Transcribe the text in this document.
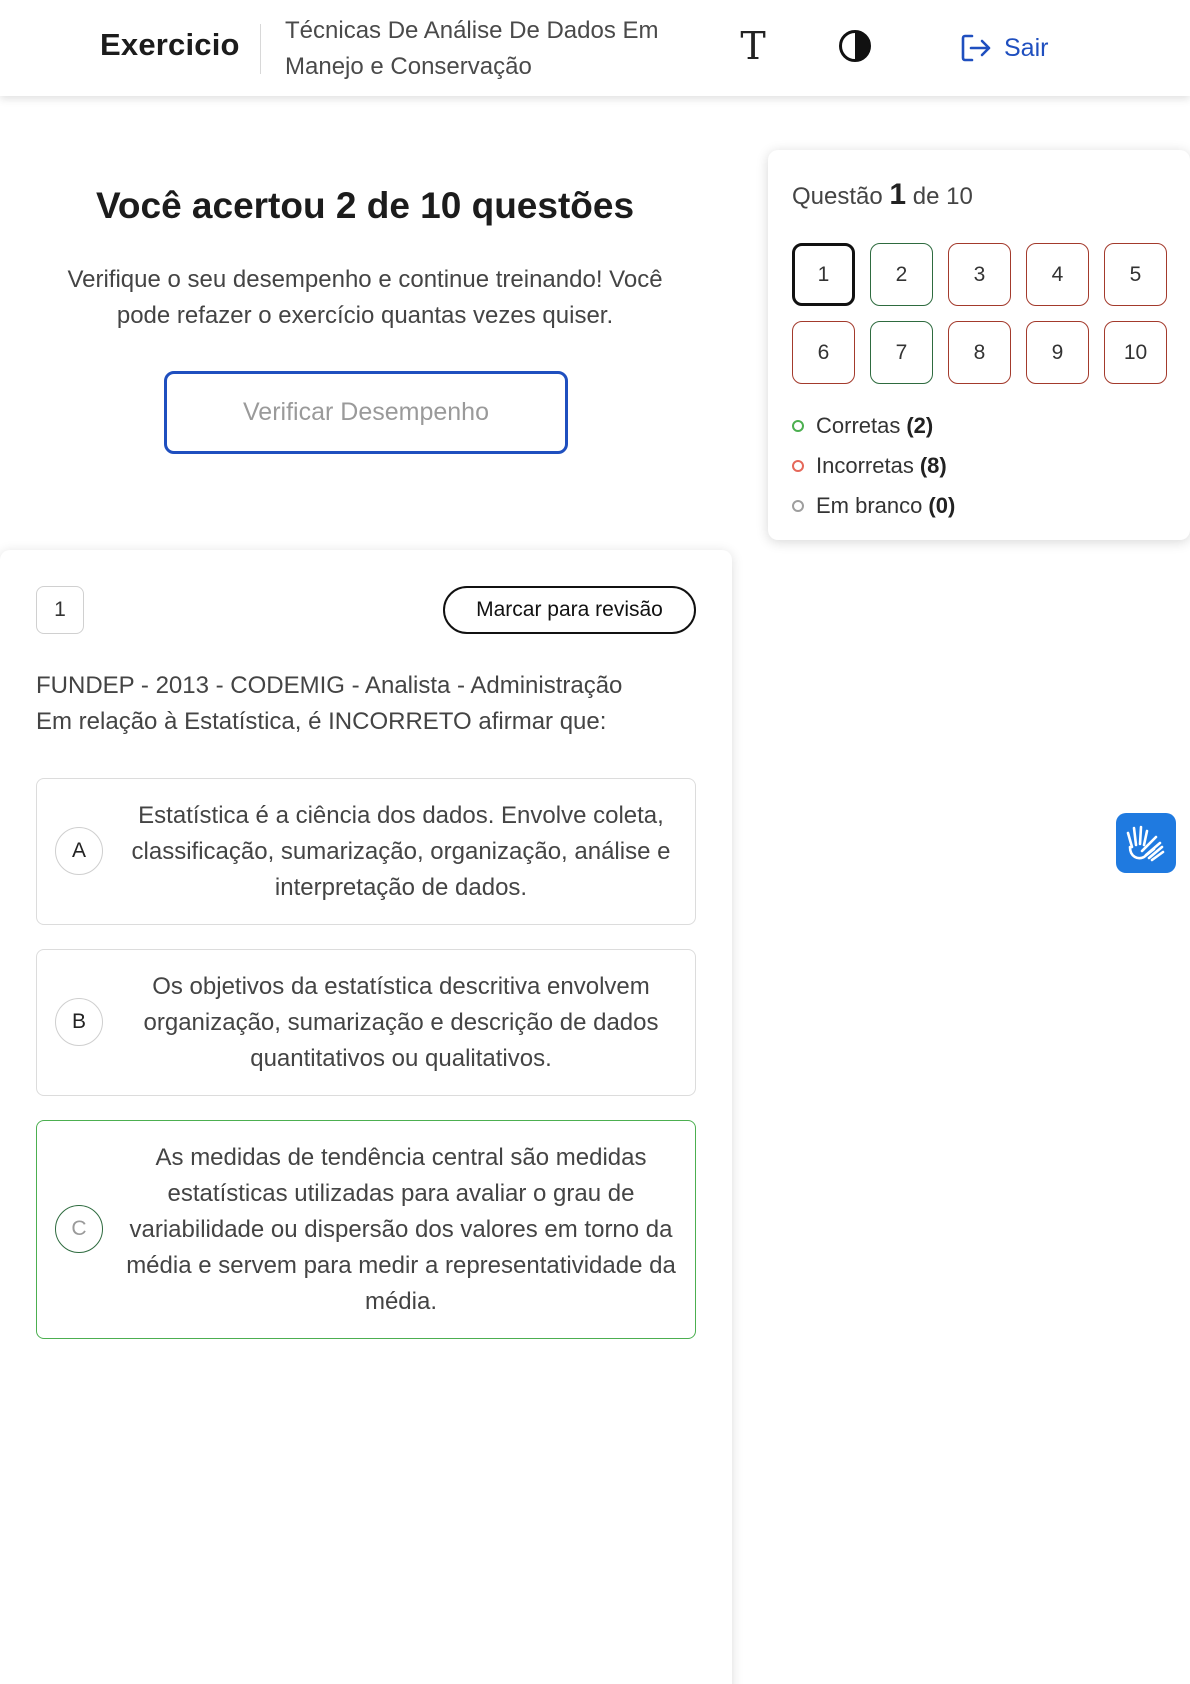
Exercicio Técnicas De Análise De Dados Em Manejo e Conservação	T	Sair
Você acertou 2 de 10 questões
Verifique o seu desempenho e continue treinando! Você pode refazer o exercício quantas vezes quiser.
Verificar Desempenho
Questão 1 de 10
1	2	3	4	5
6	7	8	9	10
Corretas (2)
Incorretas (8)
Em branco (0)
1	Marcar para revisão
FUNDEP - 2013 - CODEMIG - Analista - Administração
Em relação à Estatística, é INCORRETO afirmar que:
A
Estatística é a ciência dos dados. Envolve coleta, classificação, sumarização, organização, análise e interpretação de dados.
B
Os objetivos da estatística descritiva envolvem organização, sumarização e descrição de dados quantitativos ou qualitativos.
C
As medidas de tendência central são medidas estatísticas utilizadas para avaliar o grau de variabilidade ou dispersão dos valores em torno da média e servem para medir a representatividade da média.
